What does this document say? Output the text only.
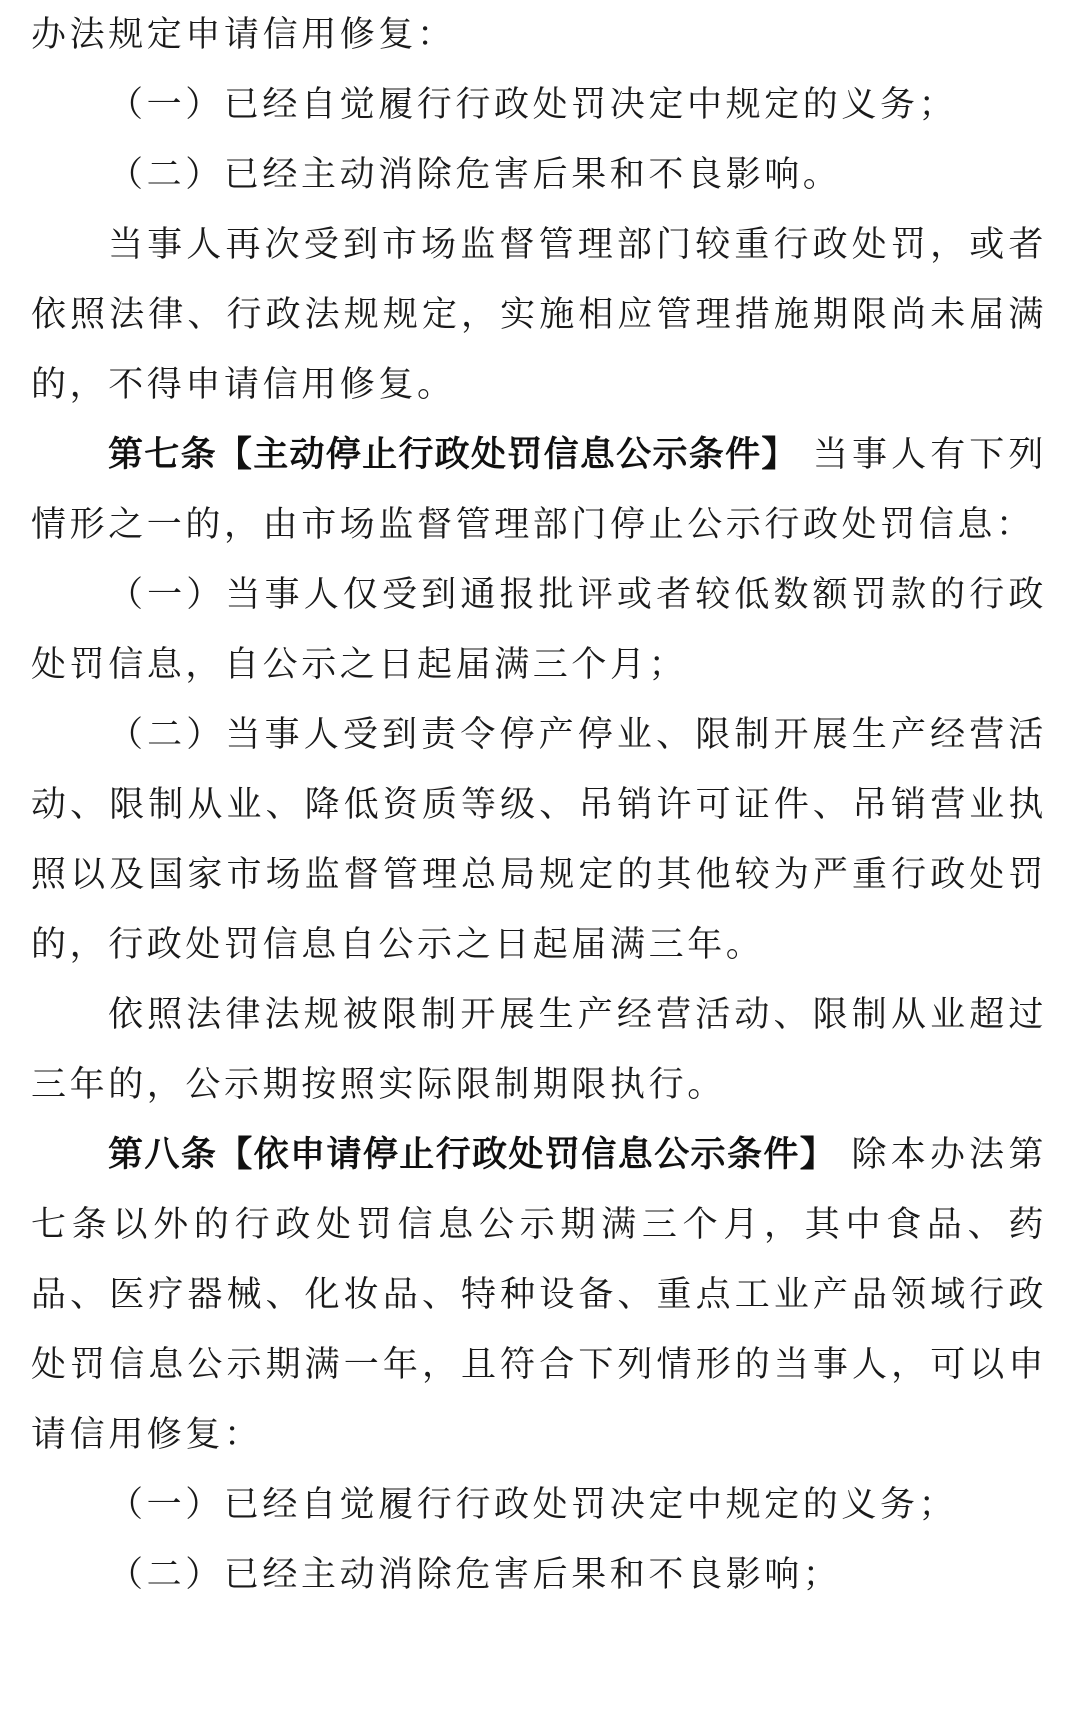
办法规定申请信用修复：

（一）已经自觉履行行政处罚决定中规定的义务；

（二）已经主动消除危害后果和不良影响。

当事人再次受到市场监督管理部门较重行政处罚，或者依照法律、行政法规规定，实施相应管理措施期限尚未届满的，不得申请信用修复。

第七条【主动停止行政处罚信息公示条件】 当事人有下列情形之一的，由市场监督管理部门停止公示行政处罚信息：

（一）当事人仅受到通报批评或者较低数额罚款的行政处罚信息，自公示之日起届满三个月；

（二）当事人受到责令停产停业、限制开展生产经营活动、限制从业、降低资质等级、吊销许可证件、吊销营业执照以及国家市场监督管理总局规定的其他较为严重行政处罚的，行政处罚信息自公示之日起届满三年。

依照法律法规被限制开展生产经营活动、限制从业超过三年的，公示期按照实际限制期限执行。

第八条【依申请停止行政处罚信息公示条件】 除本办法第七条以外的行政处罚信息公示期满三个月，其中食品、药品、医疗器械、化妆品、特种设备、重点工业产品领域行政处罚信息公示期满一年，且符合下列情形的当事人，可以申请信用修复：

（一）已经自觉履行行政处罚决定中规定的义务；

（二）已经主动消除危害后果和不良影响；
